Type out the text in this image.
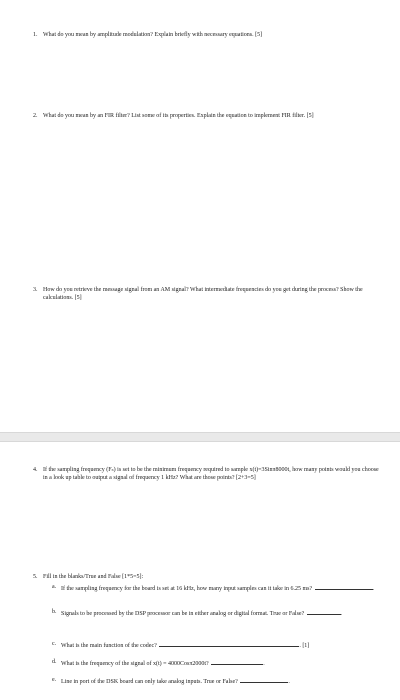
1. What do you mean by amplitude modulation? Explain briefly with necessary equations. [5]
2. What do you mean by an FIR filter? List some of its properties. Explain the equation to implement FIR filter. [5]
3. How do you retrieve the message signal from an AM signal? What intermediate frequencies do you get during the process? Show the calculations. [5]
4. If the sampling frequency (Fₛ) is set to be the minimum frequency required to sample x(t)=3Sinπ8000t, how many points would you choose in a look up table to output a signal of frequency 1 kHz? What are those points? [2+3=5]
5. Fill in the blanks/True and False [1*5=5]:
a. If the sampling frequency for the board is set at 16 kHz, how many input samples can it take in 6.25 ms?	.
b. Signals to be processed by the DSP processor can be in either analog or digital format. True or False?	.
c. What is the main function of the codec?	. [1]
d. What is the frequency of the signal of x(t) = 4000Cosπ2000t?	.
e. Line in port of the DSK board can only take analog inputs. True or False?	.
